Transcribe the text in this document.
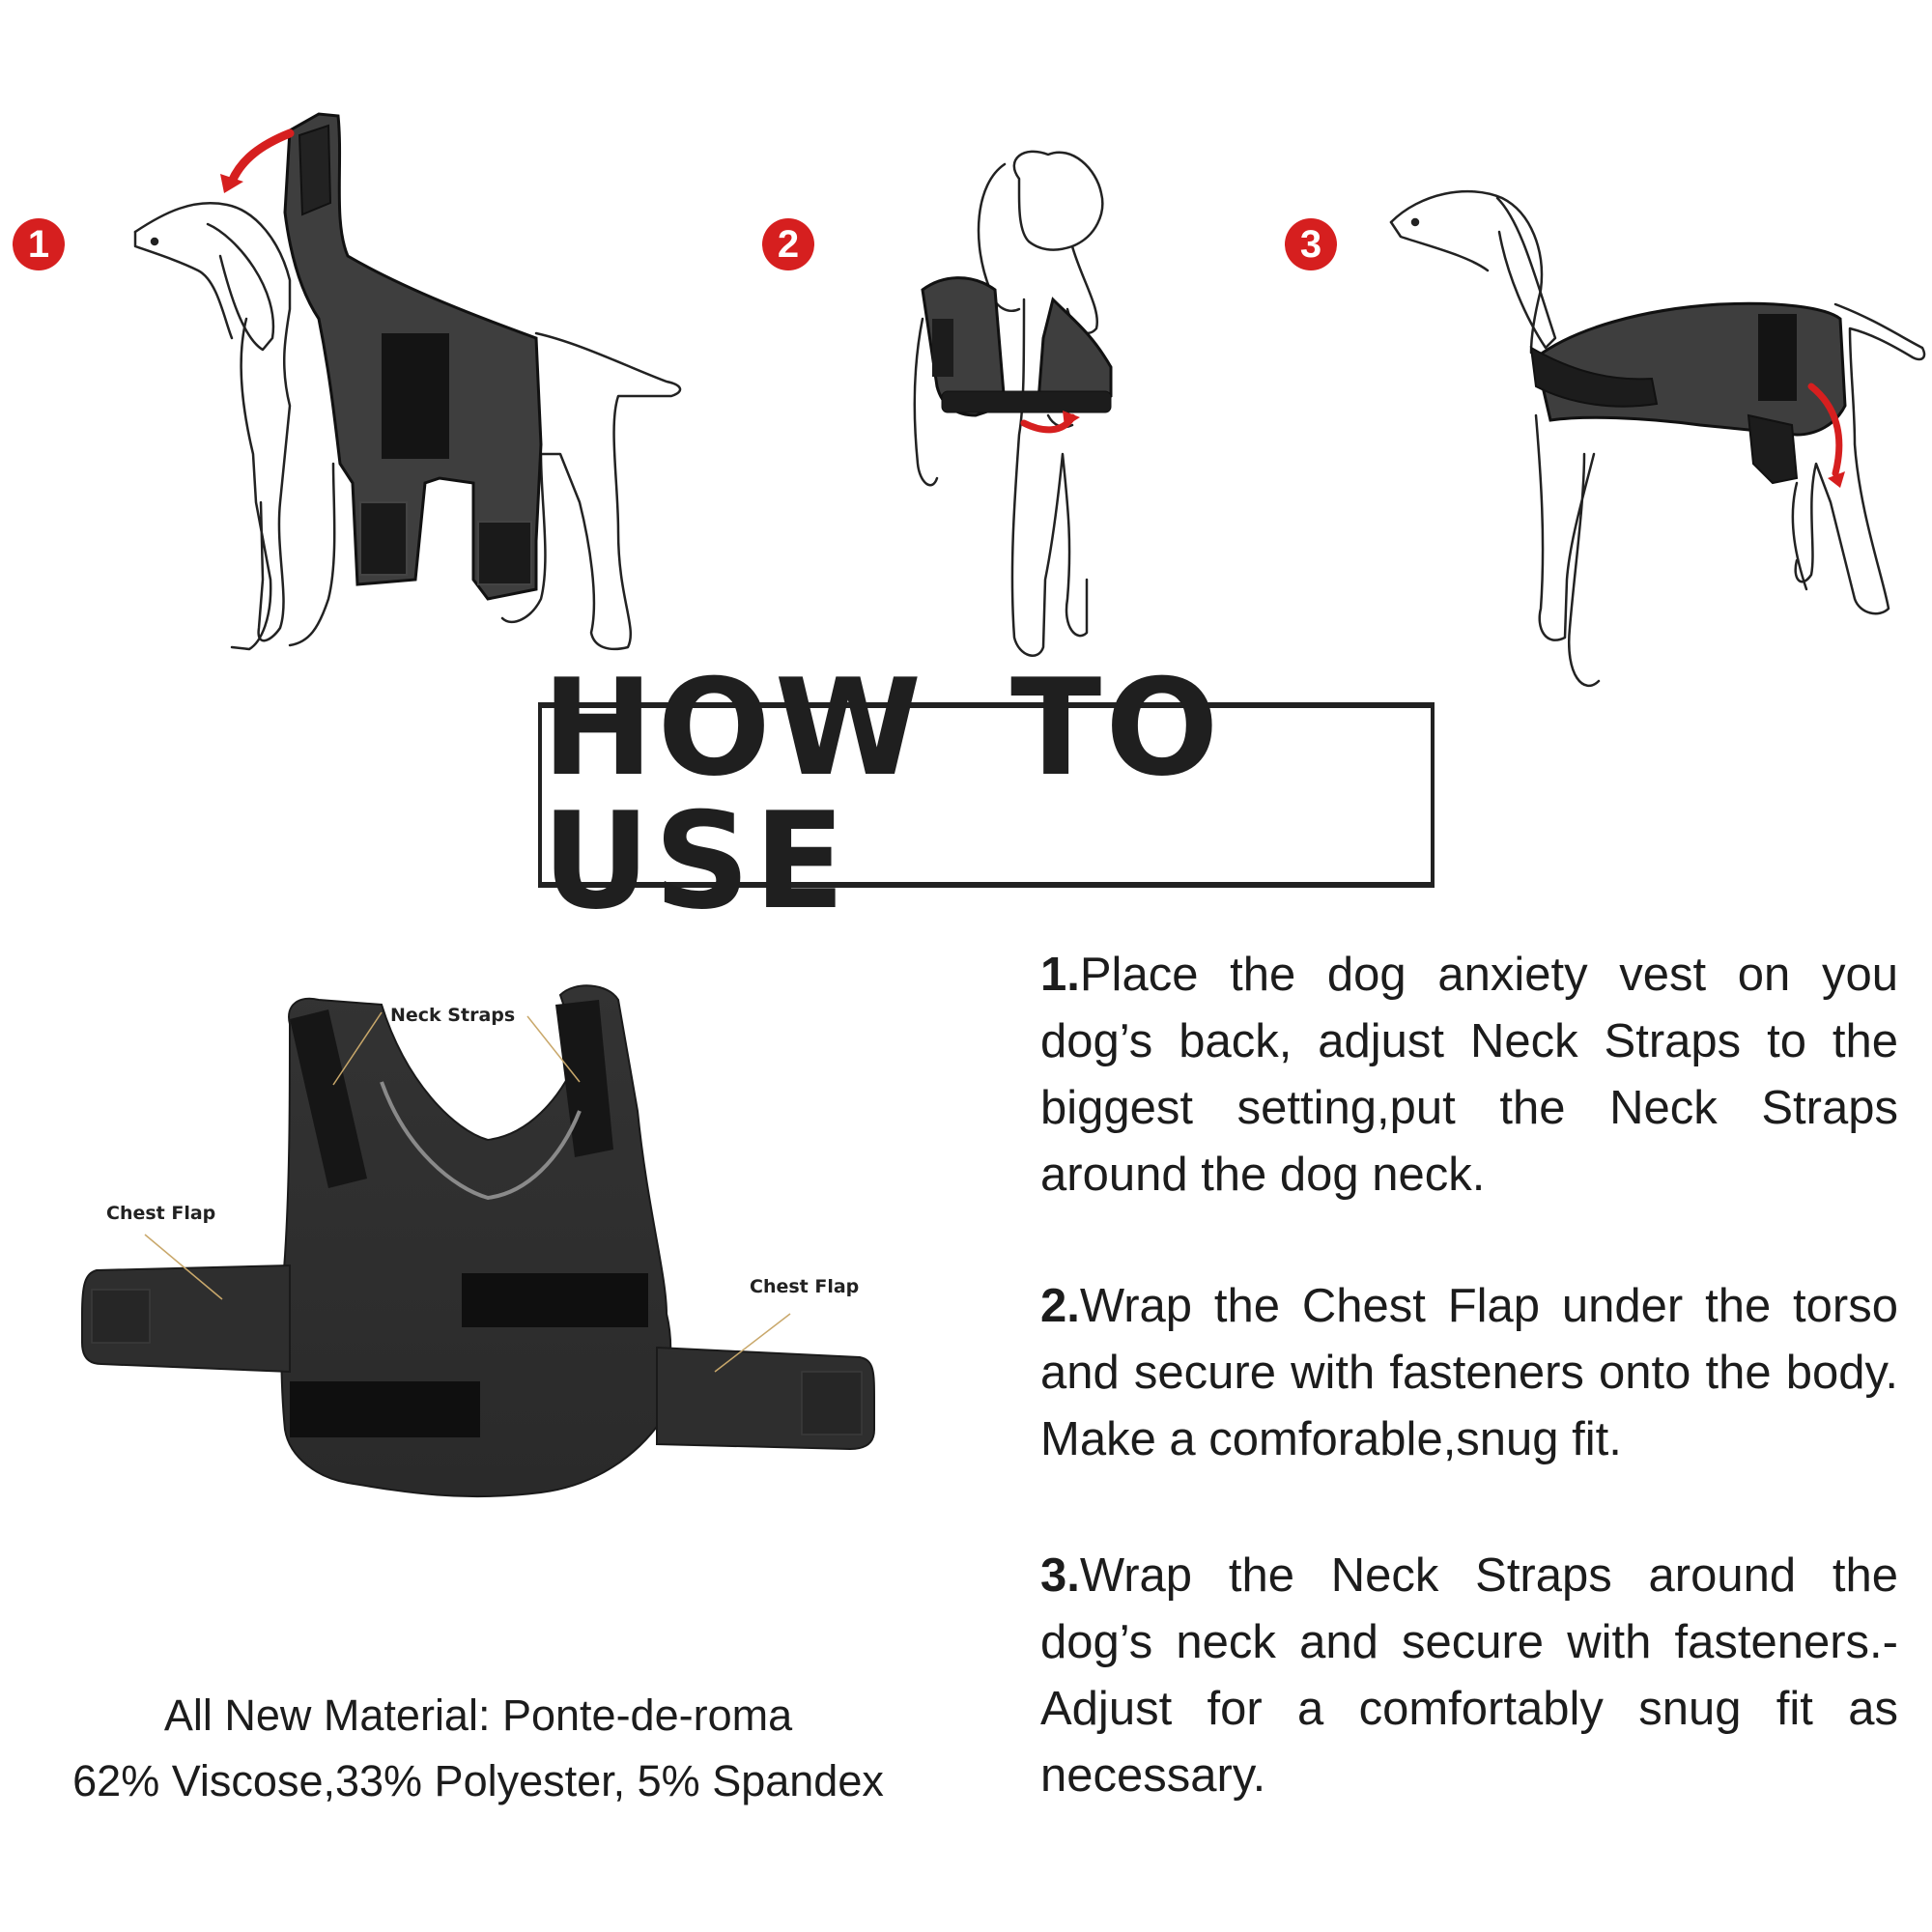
1	2	3
HOW TO USE
Neck Straps
Chest Flap
Chest Flap
All New Material: Ponte-de-roma
62% Viscose,33% Polyester, 5% Spandex
1.Place the dog anxiety vest on you dog’s back, adjust Neck Straps to the biggest setting,put the Neck Straps around the dog neck.
2.Wrap the Chest Flap under the torso and secure with fasteners onto the body. Make a comforable,snug fit.
3.Wrap the Neck Straps around the dog’s neck and secure with fasteners.- Adjust for a comfortably snug fit as necessary.
